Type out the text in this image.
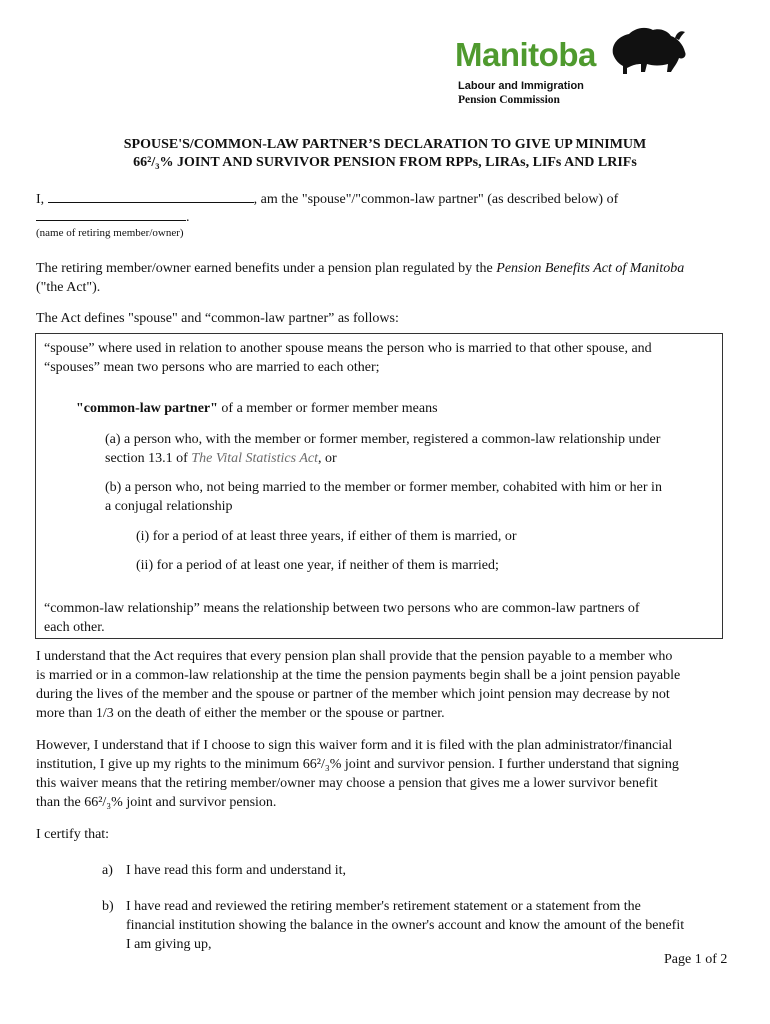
Manitoba
Labour and Immigration
Pension Commission
SPOUSE'S/COMMON-LAW PARTNER’S DECLARATION TO GIVE UP MINIMUM
66²/₃% JOINT AND SURVIVOR PENSION FROM RPPs, LIRAs, LIFs AND LRIFs
I,	, am the "spouse"/"common-law partner" (as described below) of
.
(name of retiring member/owner)
The retiring member/owner earned benefits under a pension plan regulated by the Pension Benefits Act of Manitoba ("the Act").
The Act defines "spouse" and “common-law partner” as follows:
“spouse” where used in relation to another spouse means the person who is married to that other spouse, and
“spouses” mean two persons who are married to each other;
"common-law partner" of a member or former member means
(a) a person who, with the member or former member, registered a common-law relationship under
section 13.1 of The Vital Statistics Act, or
(b) a person who, not being married to the member or former member, cohabited with him or her in
a conjugal relationship
(i) for a period of at least three years, if either of them is married, or
(ii) for a period of at least one year, if neither of them is married;
“common-law relationship” means the relationship between two persons who are common-law partners of
each other.
I understand that the Act requires that every pension plan shall provide that the pension payable to a member who
is married or in a common-law relationship at the time the pension payments begin shall be a joint pension payable
during the lives of the member and the spouse or partner of the member which joint pension may decrease by not
more than 1/3 on the death of either the member or the spouse or partner.
However, I understand that if I choose to sign this waiver form and it is filed with the plan administrator/financial
institution, I give up my rights to the minimum 66²/₃% joint and survivor pension. I further understand that signing
this waiver means that the retiring member/owner may choose a pension that gives me a lower survivor benefit
than the 66²/₃% joint and survivor pension.
I certify that:
a) I have read this form and understand it,
b) I have read and reviewed the retiring member's retirement statement or a statement from the
financial institution showing the balance in the owner's account and know the amount of the benefit
I am giving up,
Page 1 of 2
